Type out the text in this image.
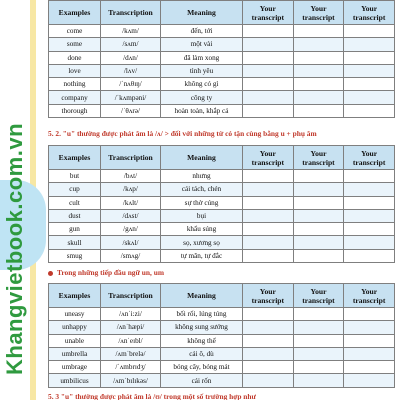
Khangvietbook.com.vn
Examples	Transcription	Meaning	Your transcript	Your transcript	Your transcript
come	/kʌm/	đến, tới			
some	/sʌm/	một vài			
done	/dʌn/	đã làm xong			
love	/lʌv/	tình yêu			
nothing	/ˈnʌθɪŋ/	không có gì			
company	/ˈkʌmpəni/	công ty			
thorough	/ˈθʌrə/	hoàn toàn, khắp cả			
5. 2. "u" thường được phát âm là /ʌ/ > đối với những từ có tận cùng bằng u + phụ âm
Examples	Transcription	Meaning	Your transcript	Your transcript	Your transcript
but	/bʌt/	nhưng			
cup	/kʌp/	cái tách, chén			
cult	/kʌlt/	sự thờ cúng			
dust	/dʌst/	bụi			
gun	/gʌn/	khẩu súng			
skull	/skʌl/	sọ, xương sọ			
smug	/smʌg/	tự mãn, tự đắc			
Trong những tiếp đầu ngữ un, um
Examples	Transcription	Meaning	Your transcript	Your transcript	Your transcript
uneasy	/ʌnˈi:zi/	bối rối, lúng túng			
unhappy	/ʌnˈhæpi/	không sung sướng			
unable	/ʌnˈeɪbl/	không thể			
umbrella	/ʌmˈbrelə/	cái ô, dù			
umbrage	/ˈʌmbrɪdʒ/	bóng cây, bóng mát			
umbilicus	/ʌmˈbɪlɪkəs/	cái rốn			
5. 3 "u" thường được phát âm là /ʊ/ trong một số trường hợp như
